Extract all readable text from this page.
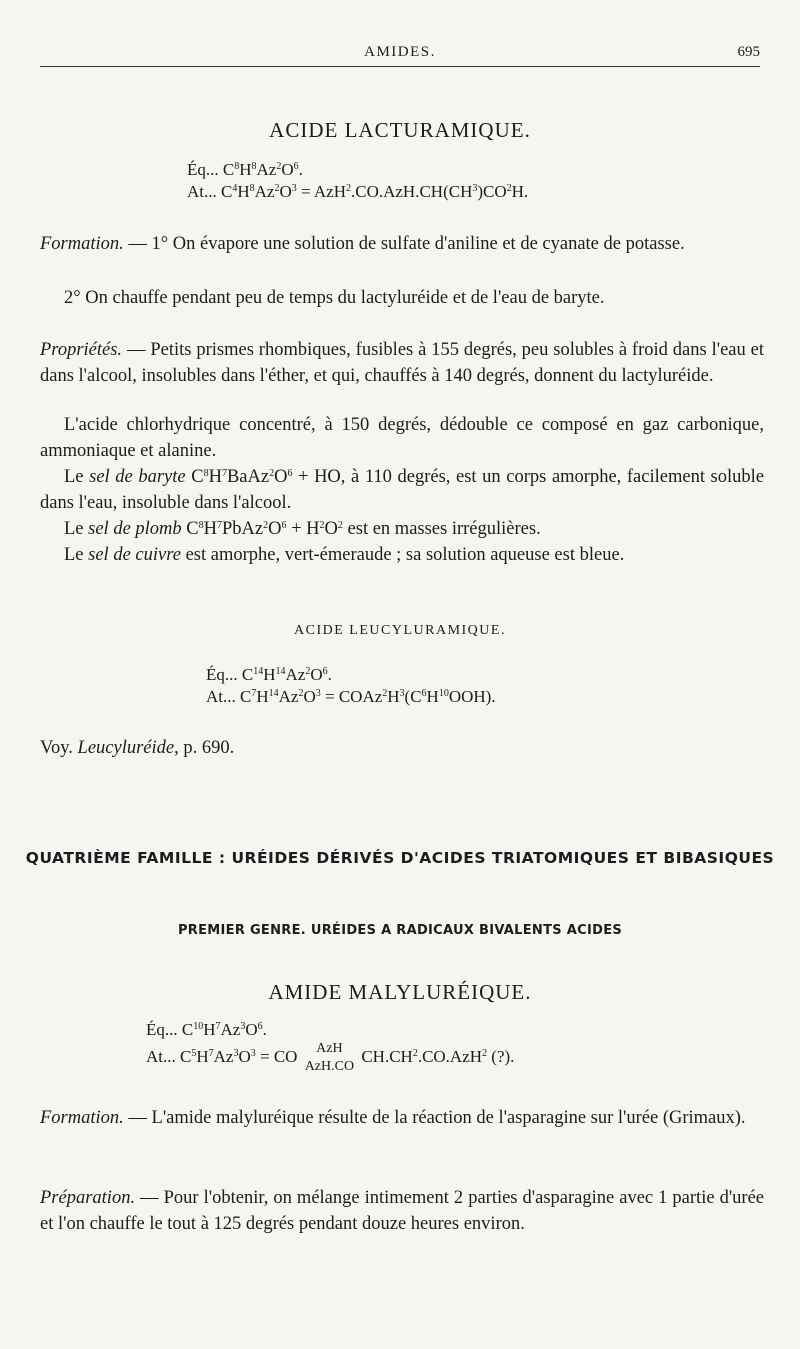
AMIDES.	695
ACIDE LACTURAMIQUE.
Éq... $C^8H^8Az^2O^6$.
At... $C^4H^8Az^2O^3 = AzH^2.CO.AzH.CH(CH^3)CO^2H$.
Formation. — 1° On évapore une solution de sulfate d'aniline et de cyanate de potasse.
2° On chauffe pendant peu de temps du lactyluréide et de l'eau de baryte.
Propriétés. — Petits prismes rhombiques, fusibles à 155 degrés, peu solubles à froid dans l'eau et dans l'alcool, insolubles dans l'éther, et qui, chauffés à 140 degrés, donnent du lactyluréide.
L'acide chlorhydrique concentré, à 150 degrés, dédouble ce composé en gaz carbonique, ammoniaque et alanine.
Le sel de baryte $C^8H^7BaAz^2O^6$ + HO, à 110 degrés, est un corps amorphe, facilement soluble dans l'eau, insoluble dans l'alcool.
Le sel de plomb $C^8H^7PbAz^2O^6 + H^2O^2$ est en masses irrégulières.
Le sel de cuivre est amorphe, vert-émeraude ; sa solution aqueuse est bleue.
ACIDE LEUCYLURAMIQUE.
Éq... $C^{14}H^{14}Az^2O^6$.
At... $C^7H^{14}Az^2O^3$ = $COAz^2H^3(C^6H^{10}OOH)$.
Voy. Leucyluréide, p. 690.
QUATRIÈME FAMILLE : URÉIDES DÉRIVÉS D'ACIDES TRIATOMIQUES ET BIBASIQUES
PREMIER GENRE. URÉIDES A RADICAUX BIVALENTS ACIDES
AMIDE MALYLURÉIQUE.
Éq... $C^{10}H^7Az^3O^6$.
At... $C^5H^7Az^3O^3$ = CO AzH
AzH.CO $CH.CH^2.CO.AzH^2$ (?).
Formation. — L'amide malyluréique résulte de la réaction de l'asparagine sur l'urée (Grimaux).
Préparation. — Pour l'obtenir, on mélange intimement 2 parties d'asparagine avec 1 partie d'urée et l'on chauffe le tout à 125 degrés pendant douze heures environ.
